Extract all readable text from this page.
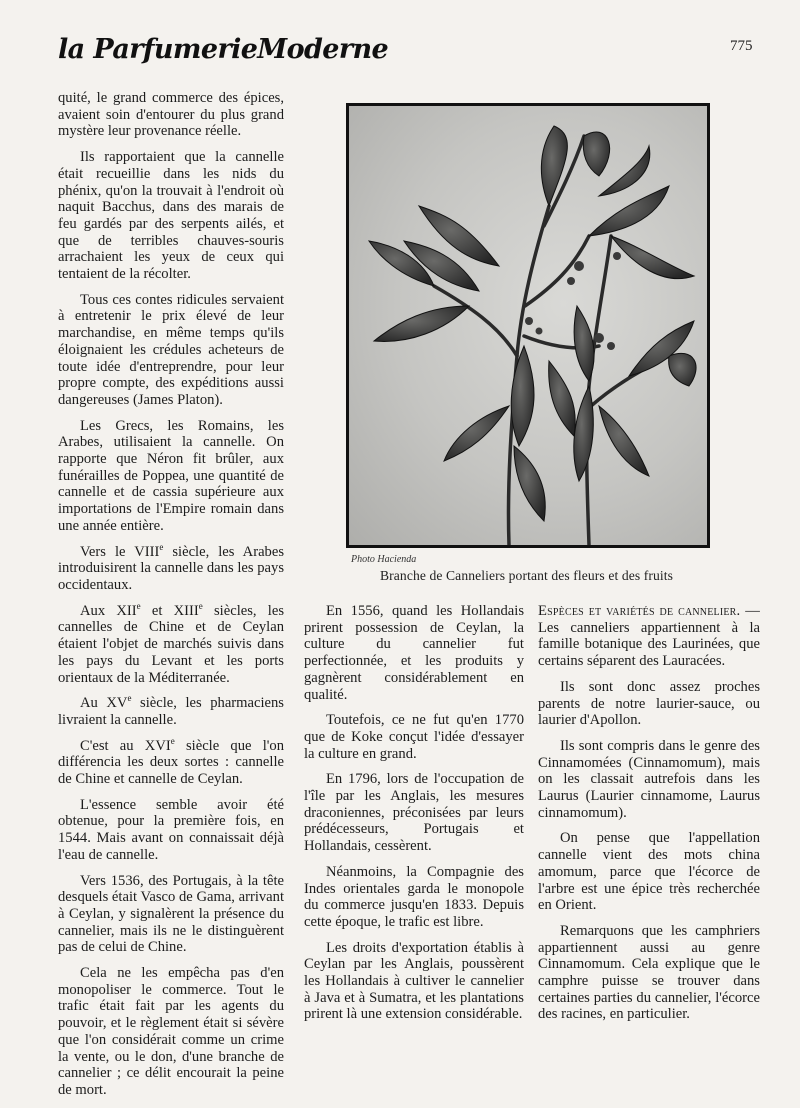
la ParfumerieModerne	775

quité, le grand commerce des épices, avaient soin d'entourer du plus grand mystère leur provenance réelle.

Ils rapportaient que la cannelle était recueillie dans les nids du phénix, qu'on la trouvait à l'endroit où naquit Bacchus, dans des marais de feu gardés par des serpents ailés, et que de terribles chauves-souris arrachaient les yeux de ceux qui tentaient de la récolter.

Tous ces contes ridicules servaient à entretenir le prix élevé de leur marchandise, en même temps qu'ils éloignaient les crédules acheteurs de toute idée d'entreprendre, pour leur propre compte, des expéditions aussi dangereuses (James Platon).

Les Grecs, les Romains, les Arabes, utilisaient la cannelle. On rapporte que Néron fit brûler, aux funérailles de Poppea, une quantité de cannelle et de cassia supérieure aux importations de l'Empire romain dans une année entière.

Vers le VIIIe siècle, les Arabes introduisirent la cannelle dans les pays occidentaux.

Aux XIIe et XIIIe siècles, les cannelles de Chine et de Ceylan étaient l'objet de marchés suivis dans les pays du Levant et les ports orientaux de la Méditerranée.

Au XVe siècle, les pharmaciens livraient la cannelle.

C'est au XVIe siècle que l'on différencia les deux sortes : cannelle de Chine et cannelle de Ceylan.

L'essence semble avoir été obtenue, pour la première fois, en 1544. Mais avant on connaissait déjà l'eau de cannelle.

Vers 1536, des Portugais, à la tête desquels était Vasco de Gama, arrivant à Ceylan, y signalèrent la présence du cannelier, mais ils ne le distinguèrent pas de celui de Chine.

Cela ne les empêcha pas d'en monopoliser le commerce. Tout le trafic était fait par les agents du pouvoir, et le règlement était si sévère que l'on considérait comme un crime la vente, ou le don, d'une branche de cannelier ; ce délit encourait la peine de mort.

Photo Hacienda
Branche de Canneliers portant des fleurs et des fruits

En 1556, quand les Hollandais prirent possession de Ceylan, la culture du cannelier fut perfectionnée, et les produits y gagnèrent considérablement en qualité.

Toutefois, ce ne fut qu'en 1770 que de Koke conçut l'idée d'essayer la culture en grand.

En 1796, lors de l'occupation de l'île par les Anglais, les mesures draconiennes, préconisées par leurs prédécesseurs, Portugais et Hollandais, cessèrent.

Néanmoins, la Compagnie des Indes orientales garda le monopole du commerce jusqu'en 1833. Depuis cette époque, le trafic est libre.

Les droits d'exportation établis à Ceylan par les Anglais, poussèrent les Hollandais à cultiver le cannelier à Java et à Sumatra, et les plantations prirent là une extension considérable.

Espèces et variétés de cannelier. — Les canneliers appartiennent à la famille botanique des Laurinées, que certains séparent des Lauracées.

Ils sont donc assez proches parents de notre laurier-sauce, ou laurier d'Apollon.

Ils sont compris dans le genre des Cinnamomées (Cinnamomum), mais on les classait autrefois dans les Laurus (Laurier cinnamome, Laurus cinnamomum).

On pense que l'appellation cannelle vient des mots china amomum, parce que l'écorce de l'arbre est une épice très recherchée en Orient.

Remarquons que les camphriers appartiennent aussi au genre Cinnamomum. Cela explique que le camphre puisse se trouver dans certaines parties du cannelier, l'écorce des racines, en particulier.
